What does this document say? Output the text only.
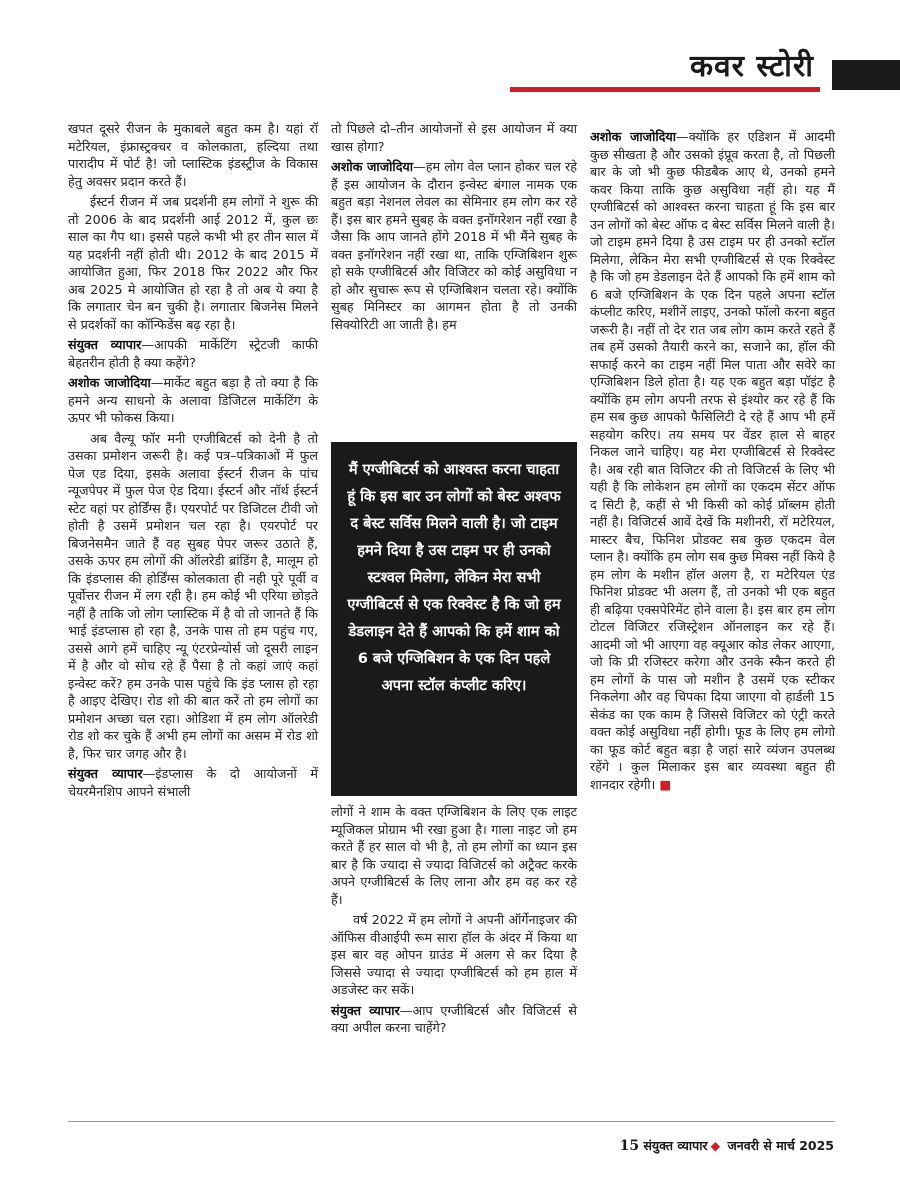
कवर स्टोरी

खपत दूसरे रीजन के मुकाबले बहुत कम है। यहां रॉ मटेरियल, इंफ्रास्ट्रक्चर व कोलकाता, हल्दिया तथा पारादीप में पोर्ट है! जो प्लास्टिक इंडस्ट्रीज के विकास हेतु अवसर प्रदान करते हैं।

ईस्टर्न रीजन में जब प्रदर्शनी हम लोगों ने शुरू की तो 2006 के बाद प्रदर्शनी आई 2012 में, कुल छः साल का गैप था। इससे पहले कभी भी हर तीन साल में यह प्रदर्शनी नहीं होती थी। 2012 के बाद 2015 में आयोजित हुआ, फिर 2018 फिर 2022 और फिर अब 2025 मे आयोजित हो रहा है तो अब ये क्या है कि लगातार चेन बन चुकी है। लगातार बिजनेस मिलने से प्रदर्शकों का कॉन्फिडेंस बढ़ रहा है।

संयुक्त व्यापार—आपकी मार्केटिंग स्ट्रेटजी काफी बेहतरीन होती है क्या कहेंगे?

अशोक जाजोदिया—मार्केट बहुत बड़ा है तो क्या है कि हमने अन्य साधनो के अलावा डिजिटल मार्केटिंग के ऊपर भी फोकस किया।

अब वैल्यू फॉर मनी एग्जीबिटर्स को देनी है तो उसका प्रमोशन जरूरी है। कई पत्र–पत्रिकाओं में फुल पेज एड दिया, इसके अलावा ईस्टर्न रीजन के पांच न्यूजपेपर में फुल पेज ऐड दिया। ईस्टर्न और नॉर्थ ईस्टर्न स्टेट वहां पर होर्डिंग्स हैं। एयरपोर्ट पर डिजिटल टीवी जो होती है उसमें प्रमोशन चल रहा है। एयरपोर्ट पर बिजनेसमैन जाते हैं वह सुबह पेपर जरूर उठाते हैं, उसके ऊपर हम लोगों की ऑलरेडी ब्रांडिंग है, मालूम हो कि इंडप्लास की होर्डिंग्स कोलकाता ही नही पूरे पूर्वी व पूर्वोत्तर रीजन में लग रही है। हम कोई भी एरिया छोड़ते नहीं है ताकि जो लोग प्लास्टिक में है वो तो जानते हैं कि भाई इंडप्लास हो रहा है, उनके पास तो हम पहुंच गए, उससे आगे हमें चाहिए न्यू एंटरप्रेन्योर्स जो दूसरी लाइन में है और वो सोच रहे हैं पैसा है तो कहां जाएं कहां इन्वेस्ट करें? हम उनके पास पहुंचे कि इंड प्लास हो रहा है आइए देखिए। रोड शो की बात करें तो हम लोगों का प्रमोशन अच्छा चल रहा। ओडिशा में हम लोग ऑलरेडी रोड शो कर चुके हैं अभी हम लोगों का असम में रोड शो है, फिर चार जगह और है।

संयुक्त व्यापार—इंडप्लास के दो आयोजनों में चेयरमैनशिप आपने संभाली

तो पिछले दो–तीन आयोजनों से इस आयोजन में क्या खास होगा?

अशोक जाजोदिया—हम लोग वेल प्लान होकर चल रहे हैं इस आयोजन के दौरान इन्वेस्ट बंगाल नामक एक बहुत बड़ा नेशनल लेवल का सेमिनार हम लोग कर रहे हैं। इस बार हमने सुबह के वक्त इनॉगरेशन नहीं रखा है जैसा कि आप जानते होंगे 2018 में भी मैंने सुबह के वक्त इनॉगरेशन नहीं रखा था, ताकि एग्जिबिशन शुरू हो सके एग्जीबिटर्स और विजिटर को कोई असुविधा न हो और सुचारू रूप से एग्जिबिशन चलता रहे। क्योंकि सुबह मिनिस्टर का आगमन होता है तो उनकी सिक्योरिटी आ जाती है। हम

लोगों ने शाम के वक्त एग्जिबिशन के लिए एक लाइट म्यूजिकल प्रोग्राम भी रखा हुआ है। गाला नाइट जो हम करते हैं हर साल वो भी है, तो हम लोगों का ध्यान इस बार है कि ज्यादा से ज्यादा विजिटर्स को अट्रैक्ट करके अपने एग्जीबिटर्स के लिए लाना और हम वह कर रहे हैं।

वर्ष 2022 में हम लोगों ने अपनी ऑर्गेनाइजर की ऑफिस वीआईपी रूम सारा हॉल के अंदर में किया था इस बार वह ओपन ग्राउंड में अलग से कर दिया है जिससे ज्यादा से ज्यादा एग्जीबिटर्स को हम हाल में अडजेस्ट कर सकें।

संयुक्त व्यापार—आप एग्जीबिटर्स और विजिटर्स से क्या अपील करना चाहेंगे?

मैं एग्जीबिटर्स को आश्वस्त करना चाहता हूं कि इस बार उन लोगों को बेस्ट अश्वफ द बेस्ट सर्विस मिलने वाली है। जो टाइम हमने दिया है उस टाइम पर ही उनको स्टश्वल मिलेगा, लेकिन मेरा सभी एग्जीबिटर्स से एक रिक्वेस्ट है कि जो हम डेडलाइन देते हैं आपको कि हमें शाम को 6 बजे एग्जिबिशन के एक दिन पहले अपना स्टॉल कंप्लीट करिए।

अशोक जाजोदिया—क्योंकि हर एडिशन में आदमी कुछ सीखता है और उसको इंप्रूव करता है, तो पिछली बार के जो भी कुछ फीडबैक आए थे, उनको हमने कवर किया ताकि कुछ असुविधा नहीं हो। यह मैं एग्जीबिटर्स को आश्वस्त करना चाहता हूं कि इस बार उन लोगों को बेस्ट ऑफ द बेस्ट सर्विस मिलने वाली है। जो टाइम हमने दिया है उस टाइम पर ही उनको स्टॉल मिलेगा, लेकिन मेरा सभी एग्जीबिटर्स से एक रिक्वेस्ट है कि जो हम डेडलाइन देते हैं आपको कि हमें शाम को 6 बजे एग्जिबिशन के एक दिन पहले अपना स्टॉल कंप्लीट करिए, मशीनें लाइए, उनको फॉलो करना बहुत जरूरी है। नहीं तो देर रात जब लोग काम करते रहते हैं तब हमें उसको तैयारी करने का, सजाने का, हॉल की सफाई करने का टाइम नहीं मिल पाता और सवेरे का एग्जिबिशन डिले होता है। यह एक बहुत बड़ा पॉइंट है क्योंकि हम लोग अपनी तरफ से इंश्योर कर रहे हैं कि हम सब कुछ आपको फैसिलिटी दे रहे हैं आप भी हमें सहयोग करिए। तय समय पर वेंडर हाल से बाहर निकल जाने चाहिए। यह मेरा एग्जीबिटर्स से रिक्वेस्ट है। अब रही बात विजिटर की तो विजिटर्स के लिए भी यही है कि लोकेशन हम लोगों का एकदम सेंटर ऑफ द सिटी है, कहीं से भी किसी को कोई प्रॉब्लम होती नहीं है। विजिटर्स आवें देखें कि मशीनरी, रॉ मटेरियल, मास्टर बैच, फिनिश प्रोडक्ट सब कुछ एकदम वेल प्लान है। क्योंकि हम लोग सब कुछ मिक्स नहीं किये है हम लोग के मशीन हॉल अलग है, रा मटेरियल एंड फिनिश प्रोडक्ट भी अलग हैं, तो उनको भी एक बहुत ही बढ़िया एक्सपेरिमेंट होने वाला है। इस बार हम लोग टोटल विजिटर रजिस्ट्रेशन ऑनलाइन कर रहे हैं। आदमी जो भी आएगा वह क्यूआर कोड लेकर आएगा, जो कि प्री रजिस्टर करेगा और उनके स्कैन करते ही हम लोगों के पास जो मशीन है उसमें एक स्टीकर निकलेगा और वह चिपका दिया जाएगा वो हार्डली 15 सेकंड का एक काम है जिससे विजिटर को एंट्री करते वक्त कोई असुविधा नहीं होगी। फूड के लिए हम लोगो का फूड कोर्ट बहुत बड़ा है जहां सारे व्यंजन उपलब्ध रहेंगे । कुल मिलाकर इस बार व्यवस्था बहुत ही शानदार रहेगी। ■

15 संयुक्त व्यापार ◆ जनवरी से मार्च 2025
